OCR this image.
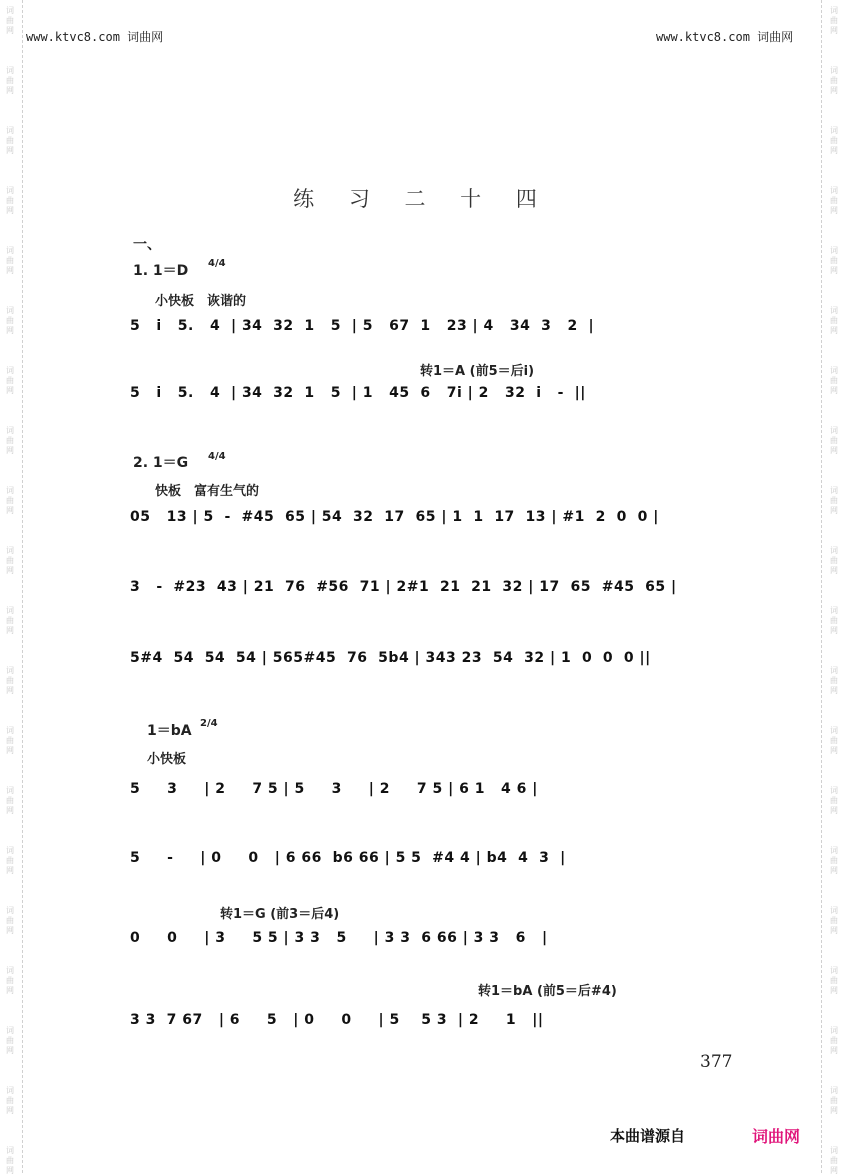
词
曲
网
词
曲
网
词
曲
网
词
曲
网
词
曲
网
词
曲
网
词
曲
网
词
曲
网
词
曲
网
词
曲
网
词
曲
网
词
曲
网
词
曲
网
词
曲
网
词
曲
网
词
曲
网
词
曲
网
词
曲
网
词
曲
网
词
曲
网
词
曲
网
词
曲
网
词
曲
网
词
曲
网
词
曲
网
词
曲
网
词
曲
网
词
曲
网
词
曲
网
词
曲
网
词
曲
网
词
曲
网
词
曲
网
词
曲
网
词
曲
网
词
曲
网
词
曲
网
词
曲
网
词
曲
网
词
曲
网
www.ktvc8.com 词曲网	www.ktvc8.com 词曲网
练 习 二 十 四
一、
1. 1＝D 4/4
小快板　诙谐的
5   i   5.   4  | 34  32  1   5  | 5   67  1   23 | 4   34  3   2  |
转1＝A (前5＝后i)
5   i   5.   4  | 34  32  1   5  | 1   45  6   7i | 2   32  i   -  ||
2. 1＝G 4/4
快板　富有生气的
05   13 | 5  -  #45  65 | 54  32  17  65 | 1  1  17  13 | #1  2  0  0 |
3   -  #23  43 | 21  76  #56  71 | 2#1  21  21  32 | 17  65  #45  65 |
5#4  54  54  54 | 565#45  76  5b4 | 343 23  54  32 | 1  0  0  0 ||
1＝bA 2/4
小快板
5     3     | 2     7 5 | 5     3     | 2     7 5 | 6 1   4 6 |
5     -     | 0     0   | 6 66  b6 66 | 5 5  #4 4 | b4  4  3  |
转1＝G (前3＝后4)
0     0     | 3     5 5 | 3 3   5     | 3 3  6 66 | 3 3   6   |
转1＝bA (前5＝后#4)
3 3  7 67   | 6     5   | 0     0     | 5    5 3  | 2     1   ||
377
本曲谱源自	词曲网
